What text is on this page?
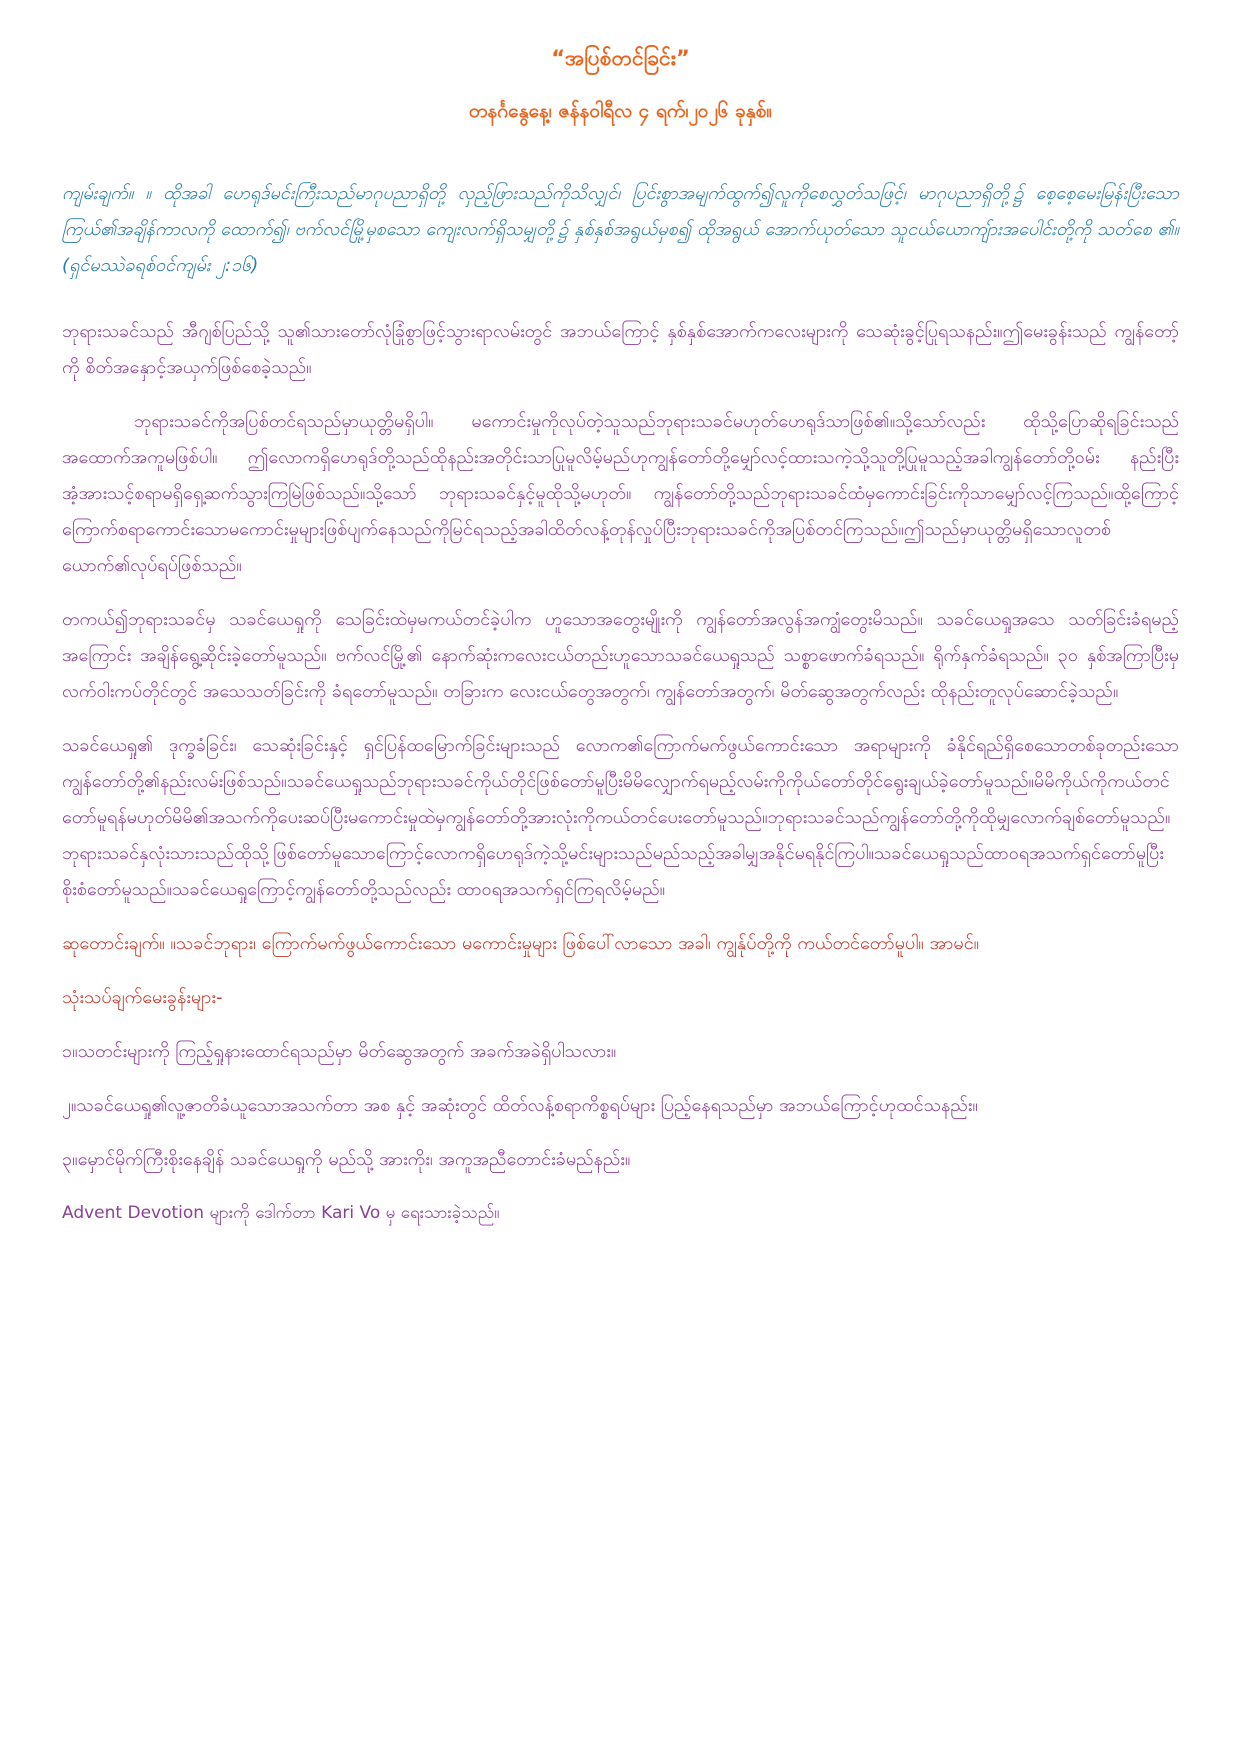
“အပြစ်တင်ခြင်း”
တနင်္ဂနွေနေ့၊ ဇန်နဝါရီလ ၄ ရက်၊၂၀၂၆ ခုနှစ်။

ကျမ်းချက်။ ။ ထိုအခါ ဟေရုဒ်မင်းကြီးသည်မာဂုပညာရှိတို့ လှည့်ဖြားသည်ကိုသိလျှင်၊ ပြင်းစွာအမျက်ထွက်၍လူကိုစေလွှတ်သဖြင့်၊ မာဂုပညာရှိတို့၌ စေ့စေ့မေးမြန်းပြီးသော ကြယ်၏အချိန်ကာလကို ထောက်၍၊ ဗက်လင်မြို့မှစသော ကျေးလက်ရှိသမျှတို့၌ နှစ်နှစ်အရွယ်မှစ၍ ထိုအရွယ် အောက်ယုတ်သော သူငယ်ယောကျ်ားအပေါင်းတို့ကို သတ်စေ ၏။ (ရှင်မဿဲခရစ်ဝင်ကျမ်း ၂:၁၆)

ဘုရားသခင်သည် အီဂျစ်ပြည်သို့ သူ၏သားတော်လုံခြုံစွာဖြင့်သွားရာလမ်းတွင် အဘယ်ကြောင့် နှစ်နှစ်အောက်ကလေးများကို သေဆုံးခွင့်ပြုရသနည်း။ဤမေးခွန်းသည် ကျွန်တော့်ကို စိတ်အနှောင့်အယှက်ဖြစ်စေခဲ့သည်။

ဘုရားသခင်ကိုအပြစ်တင်ရသည်မှာယုတ္တိမရှိပါ။ မကောင်းမှုကိုလုပ်တဲ့သူသည်ဘုရားသခင်မဟုတ်ဟေရုဒ်သာဖြစ်၏။သို့သော်လည်း ထိုသို့ပြောဆိုရခြင်းသည်အထောက်အကူမဖြစ်ပါ။ ဤလောကရှိဟေရုဒ်တို့သည်ထိုနည်းအတိုင်းသာပြုမူလိမ့်မည်ဟုကျွန်တော်တို့မျှော်လင့်ထားသကဲ့သို့သူတို့ပြုမူသည့်အခါကျွန်တော်တို့ဝမ်း နည်းပြီးအံ့အားသင့်စရာမရှိရှေ့ဆက်သွားကြမြဲဖြစ်သည်။သို့သော် ဘုရားသခင်နှင့်မူထိုသို့မဟုတ်။ ကျွန်တော်တို့သည်ဘုရားသခင်ထံမှကောင်းခြင်းကိုသာမျှော်လင့်ကြသည်။ထို့ကြောင့်ကြောက်စရာကောင်းသောမကောင်းမှုများဖြစ်ပျက်နေသည်ကိုမြင်ရသည့်အခါထိတ်လန့်တုန်လှုပ်ပြီးဘုရားသခင်ကိုအပြစ်တင်ကြသည်။ဤသည်မှာယုတ္တိမရှိသောလူတစ်ယောက်၏လုပ်ရပ်ဖြစ်သည်။

တကယ်၍ဘုရားသခင်မှ သခင်ယေရှုကို သေခြင်းထဲမှမကယ်တင်ခဲ့ပါက ဟူသောအတွေးမျိုးကို ကျွန်တော်အလွန်အကျွံတွေးမိသည်။ သခင်ယေရှုအသေ သတ်ခြင်းခံရမည့်အကြောင်း အချိန်ရွေ့ဆိုင်းခဲ့တော်မူသည်။ ဗက်လင်မြို့၏ နောက်ဆုံးကလေးငယ်တည်းဟူသောသခင်ယေရှုသည် သစ္စာဖောက်ခံရသည်။ ရိုက်နှက်ခံရသည်။ ၃၀ နှစ်အကြာပြီးမှ လက်ဝါးကပ်တိုင်တွင် အသေသတ်ခြင်းကို ခံရတော်မူသည်။ တခြားက လေးငယ်တွေအတွက်၊ ကျွန်တော်အတွက်၊ မိတ်ဆွေအတွက်လည်း ထိုနည်းတူလုပ်ဆောင်ခဲ့သည်။

သခင်ယေရှု၏ ဒုက္ခခံခြင်း၊ သေဆုံးခြင်းနှင့် ရှင်ပြန်ထမြောက်ခြင်းများသည် လောက၏ကြောက်မက်ဖွယ်ကောင်းသော အရာများကို ခံနိုင်ရည်ရှိစေသောတစ်ခုတည်းသောကျွန်တော်တို့၏နည်းလမ်းဖြစ်သည်။သခင်ယေရှုသည်ဘုရားသခင်ကိုယ်တိုင်ဖြစ်တော်မူပြီးမိမိလျှောက်ရမည့်လမ်းကိုကိုယ်တော်တိုင်ရွေးချယ်ခဲ့တော်မူသည်။မိမိကိုယ်ကိုကယ်တင်တော်မူရန်မဟုတ်မိမိ၏အသက်ကိုပေးဆပ်ပြီးမကောင်းမှုထဲမှကျွန်တော်တို့အားလုံးကိုကယ်တင်ပေးတော်မူသည်။ဘုရားသခင်သည်ကျွန်တော်တို့ကိုထိုမျှလောက်ချစ်တော်မူသည်။ဘုရားသခင်နှလုံးသားသည်ထိုသို့ဖြစ်တော်မူသောကြောင့်လောကရှိဟေရုဒ်ကဲ့သို့မင်းများသည်မည်သည့်အခါမျှအနိုင်မရနိုင်ကြပါ။သခင်ယေရှုသည်ထာဝရအသက်ရှင်တော်မူပြီးစိုးစံတော်မူသည်။သခင်ယေရှုကြောင့်ကျွန်တော်တို့သည်လည်း ထာဝရအသက်ရှင်ကြရလိမ့်မည်။

ဆုတောင်းချက်။ ။သခင်ဘုရား၊ ကြောက်မက်ဖွယ်ကောင်းသော မကောင်းမှုများ ဖြစ်ပေါ်လာသော အခါ၊ ကျွန်ုပ်တို့ကို ကယ်တင်တော်မူပါ။ အာမင်။

သုံးသပ်ချက်မေးခွန်းများ-

၁။သတင်းများကို ကြည့်ရှုနားထောင်ရသည်မှာ မိတ်ဆွေအတွက် အခက်အခဲရှိပါသလား။

၂။သခင်ယေရှု၏လူ့ဇာတိခံယူသောအသက်တာ အစ နှင့် အဆုံးတွင် ထိတ်လန့်စရာကိစ္စရပ်များ ပြည့်နေရသည်မှာ အဘယ်ကြောင့်ဟုထင်သနည်း။

၃။မှောင်မိုက်ကြီးစိုးနေချိန် သခင်ယေရှုကို မည်သို့ အားကိုး၊ အကူအညီတောင်းခံမည်နည်း။

Advent Devotion များကို ဒေါက်တာ Kari Vo မှ ရေးသားခဲ့သည်။
